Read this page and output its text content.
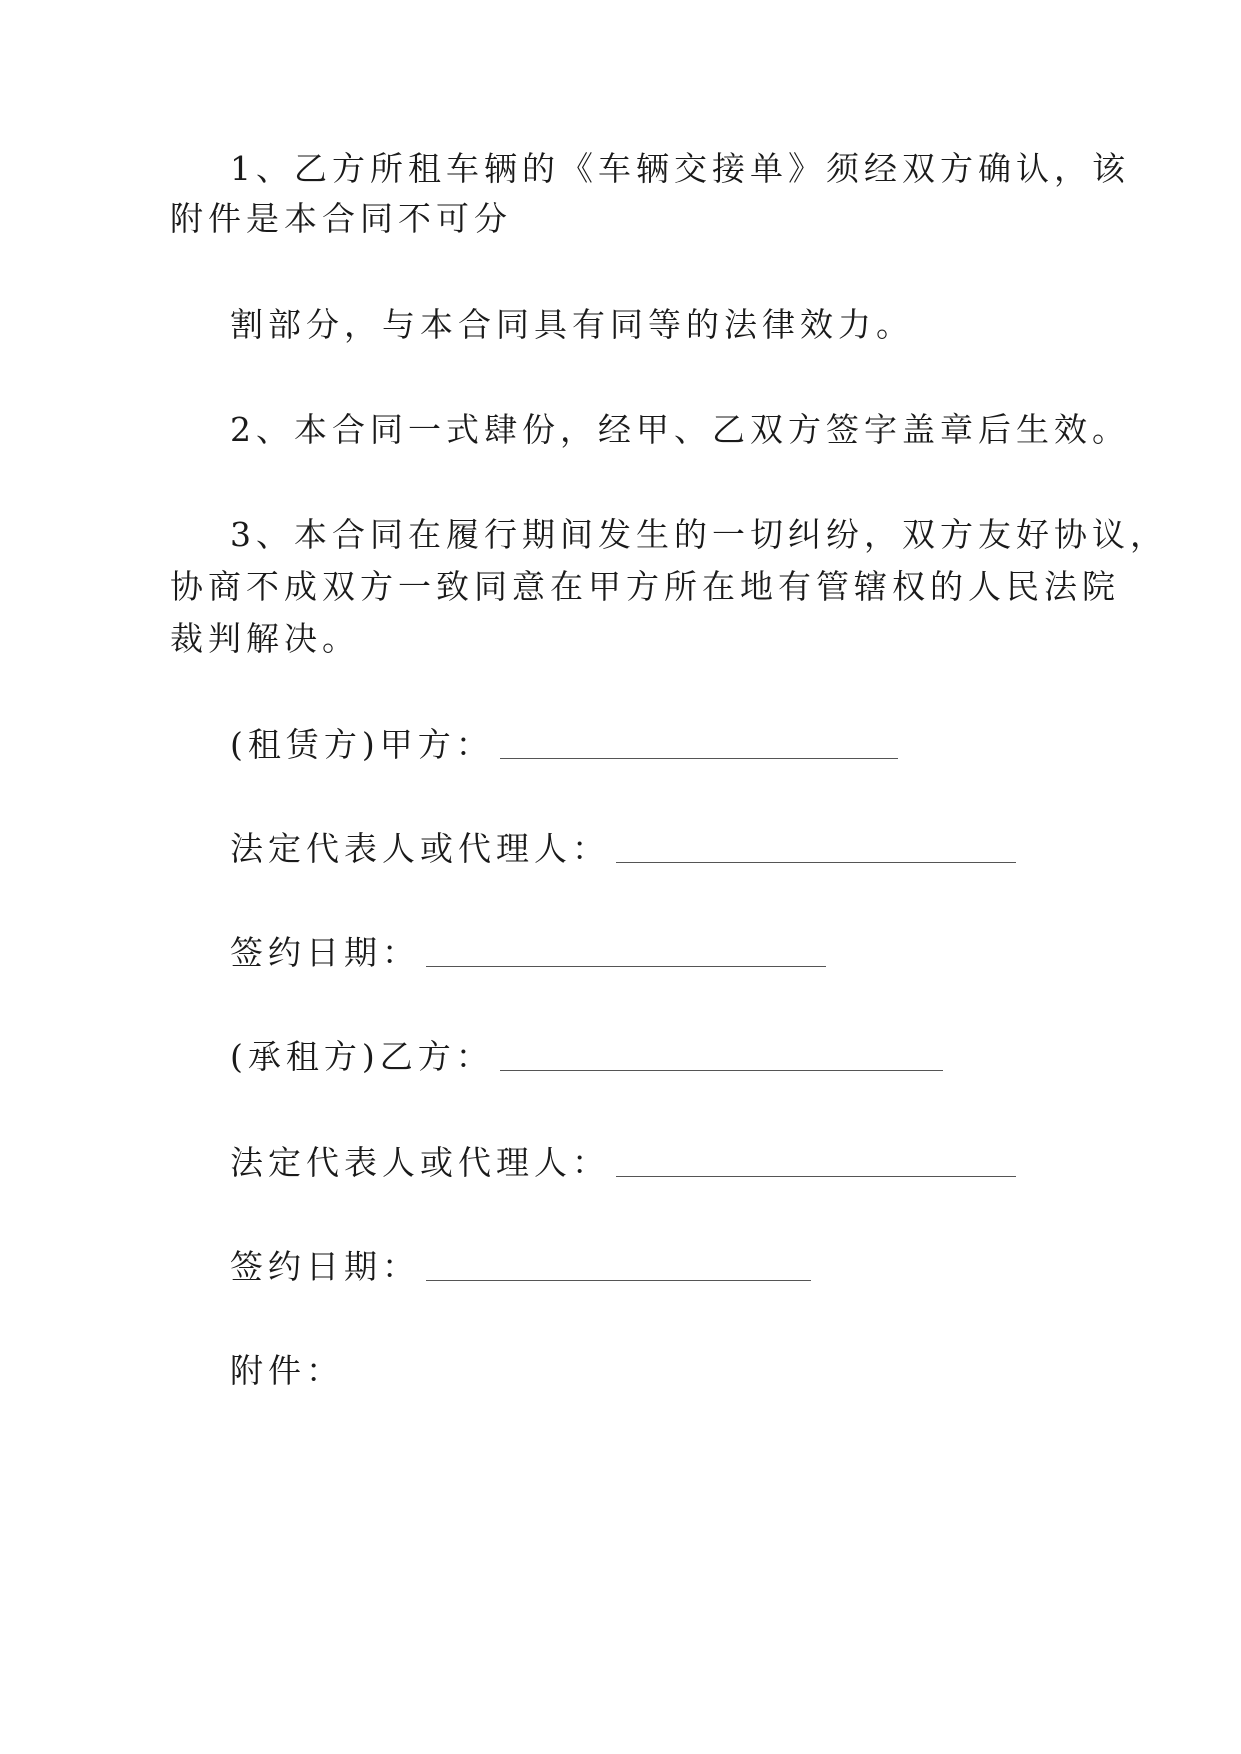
1、乙方所租车辆的《车辆交接单》须经双方确认，该
附件是本合同不可分
割部分，与本合同具有同等的法律效力。
2、本合同一式肆份，经甲、乙双方签字盖章后生效。
3、本合同在履行期间发生的一切纠纷，双方友好协议，
协商不成双方一致同意在甲方所在地有管辖权的人民法院
裁判解决。
(租赁方)甲方：
法定代表人或代理人：
签约日期：
(承租方)乙方：
法定代表人或代理人：
签约日期：
附件：
